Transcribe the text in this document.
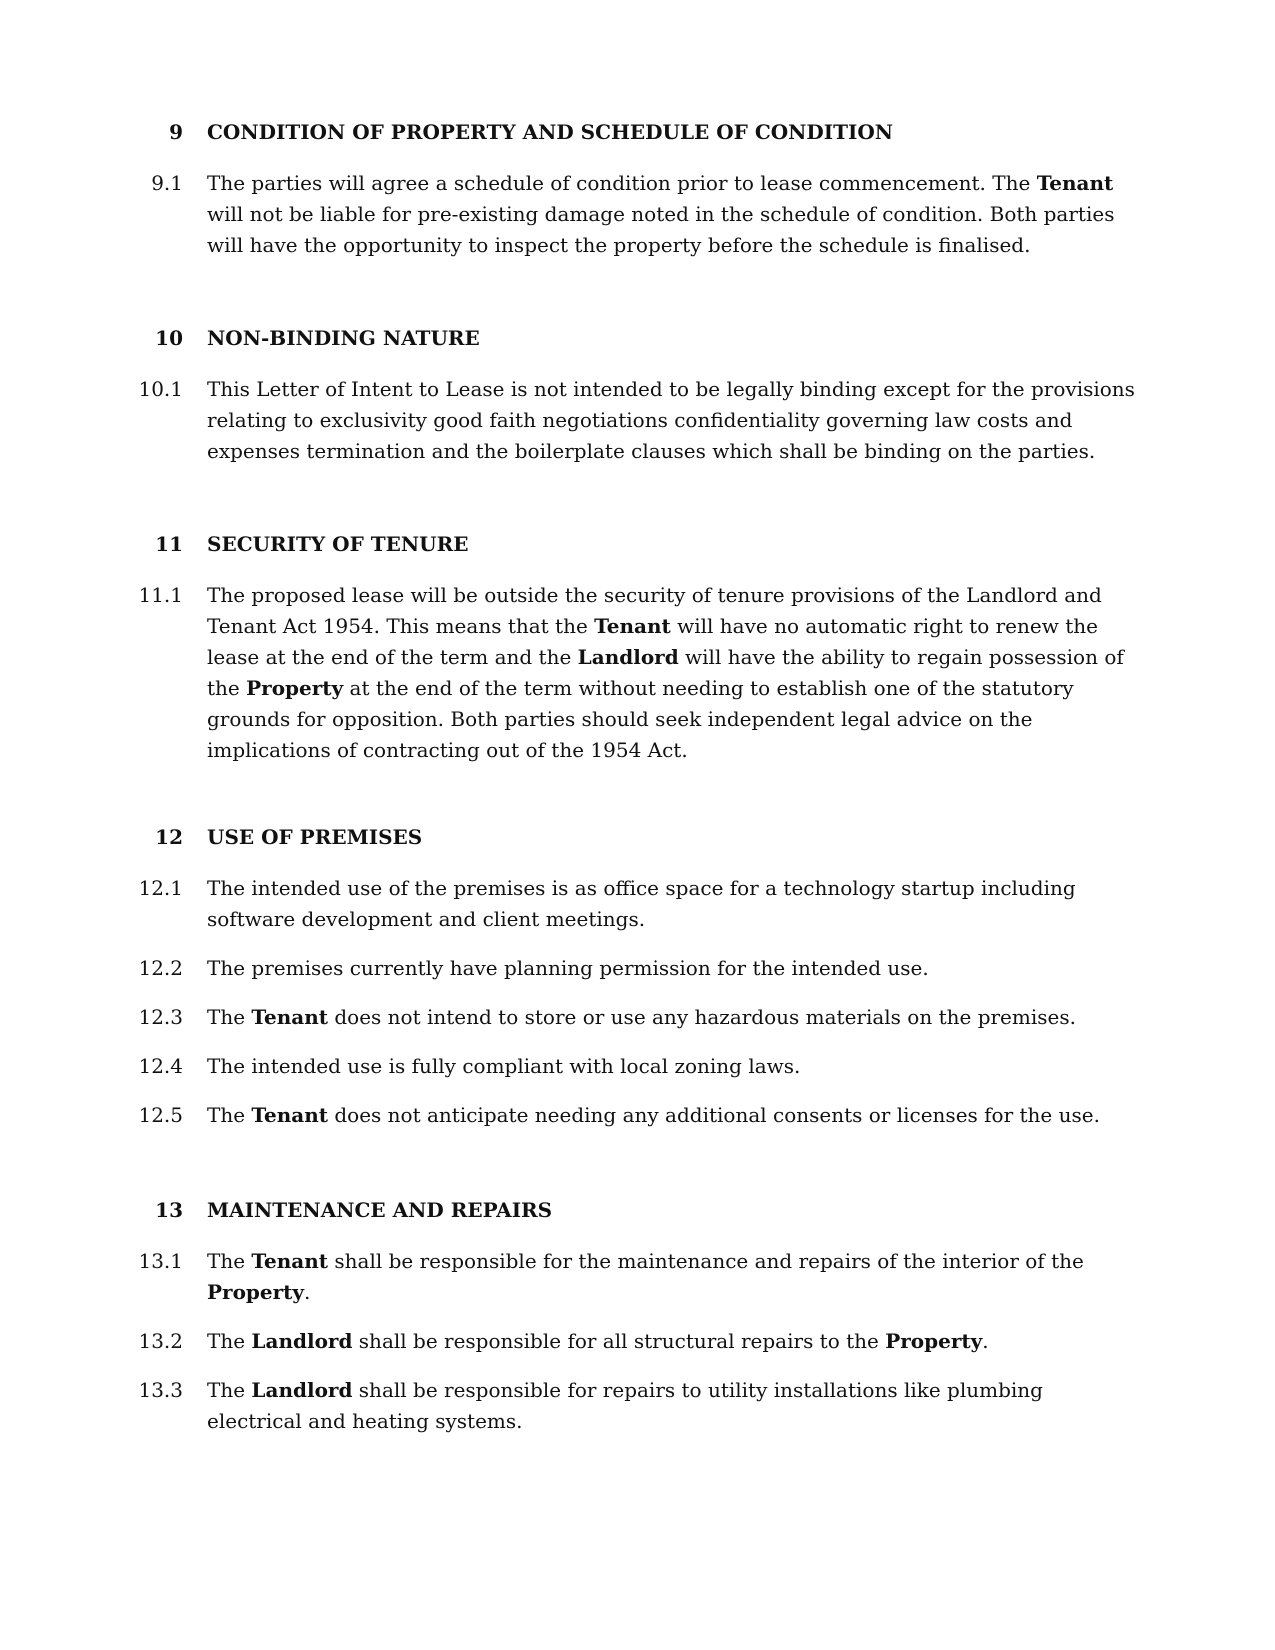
9 CONDITION OF PROPERTY AND SCHEDULE OF CONDITION
9.1 The parties will agree a schedule of condition prior to lease commencement. The Tenant will not be liable for pre-existing damage noted in the schedule of condition. Both parties will have the opportunity to inspect the property before the schedule is finalised.
10 NON-BINDING NATURE
10.1 This Letter of Intent to Lease is not intended to be legally binding except for the provisions relating to exclusivity good faith negotiations confidentiality governing law costs and expenses termination and the boilerplate clauses which shall be binding on the parties.
11 SECURITY OF TENURE
11.1 The proposed lease will be outside the security of tenure provisions of the Landlord and Tenant Act 1954. This means that the Tenant will have no automatic right to renew the lease at the end of the term and the Landlord will have the ability to regain possession of the Property at the end of the term without needing to establish one of the statutory grounds for opposition. Both parties should seek independent legal advice on the implications of contracting out of the 1954 Act.
12 USE OF PREMISES
12.1 The intended use of the premises is as office space for a technology startup including software development and client meetings.
12.2 The premises currently have planning permission for the intended use.
12.3 The Tenant does not intend to store or use any hazardous materials on the premises.
12.4 The intended use is fully compliant with local zoning laws.
12.5 The Tenant does not anticipate needing any additional consents or licenses for the use.
13 MAINTENANCE AND REPAIRS
13.1 The Tenant shall be responsible for the maintenance and repairs of the interior of the Property.
13.2 The Landlord shall be responsible for all structural repairs to the Property.
13.3 The Landlord shall be responsible for repairs to utility installations like plumbing electrical and heating systems.
